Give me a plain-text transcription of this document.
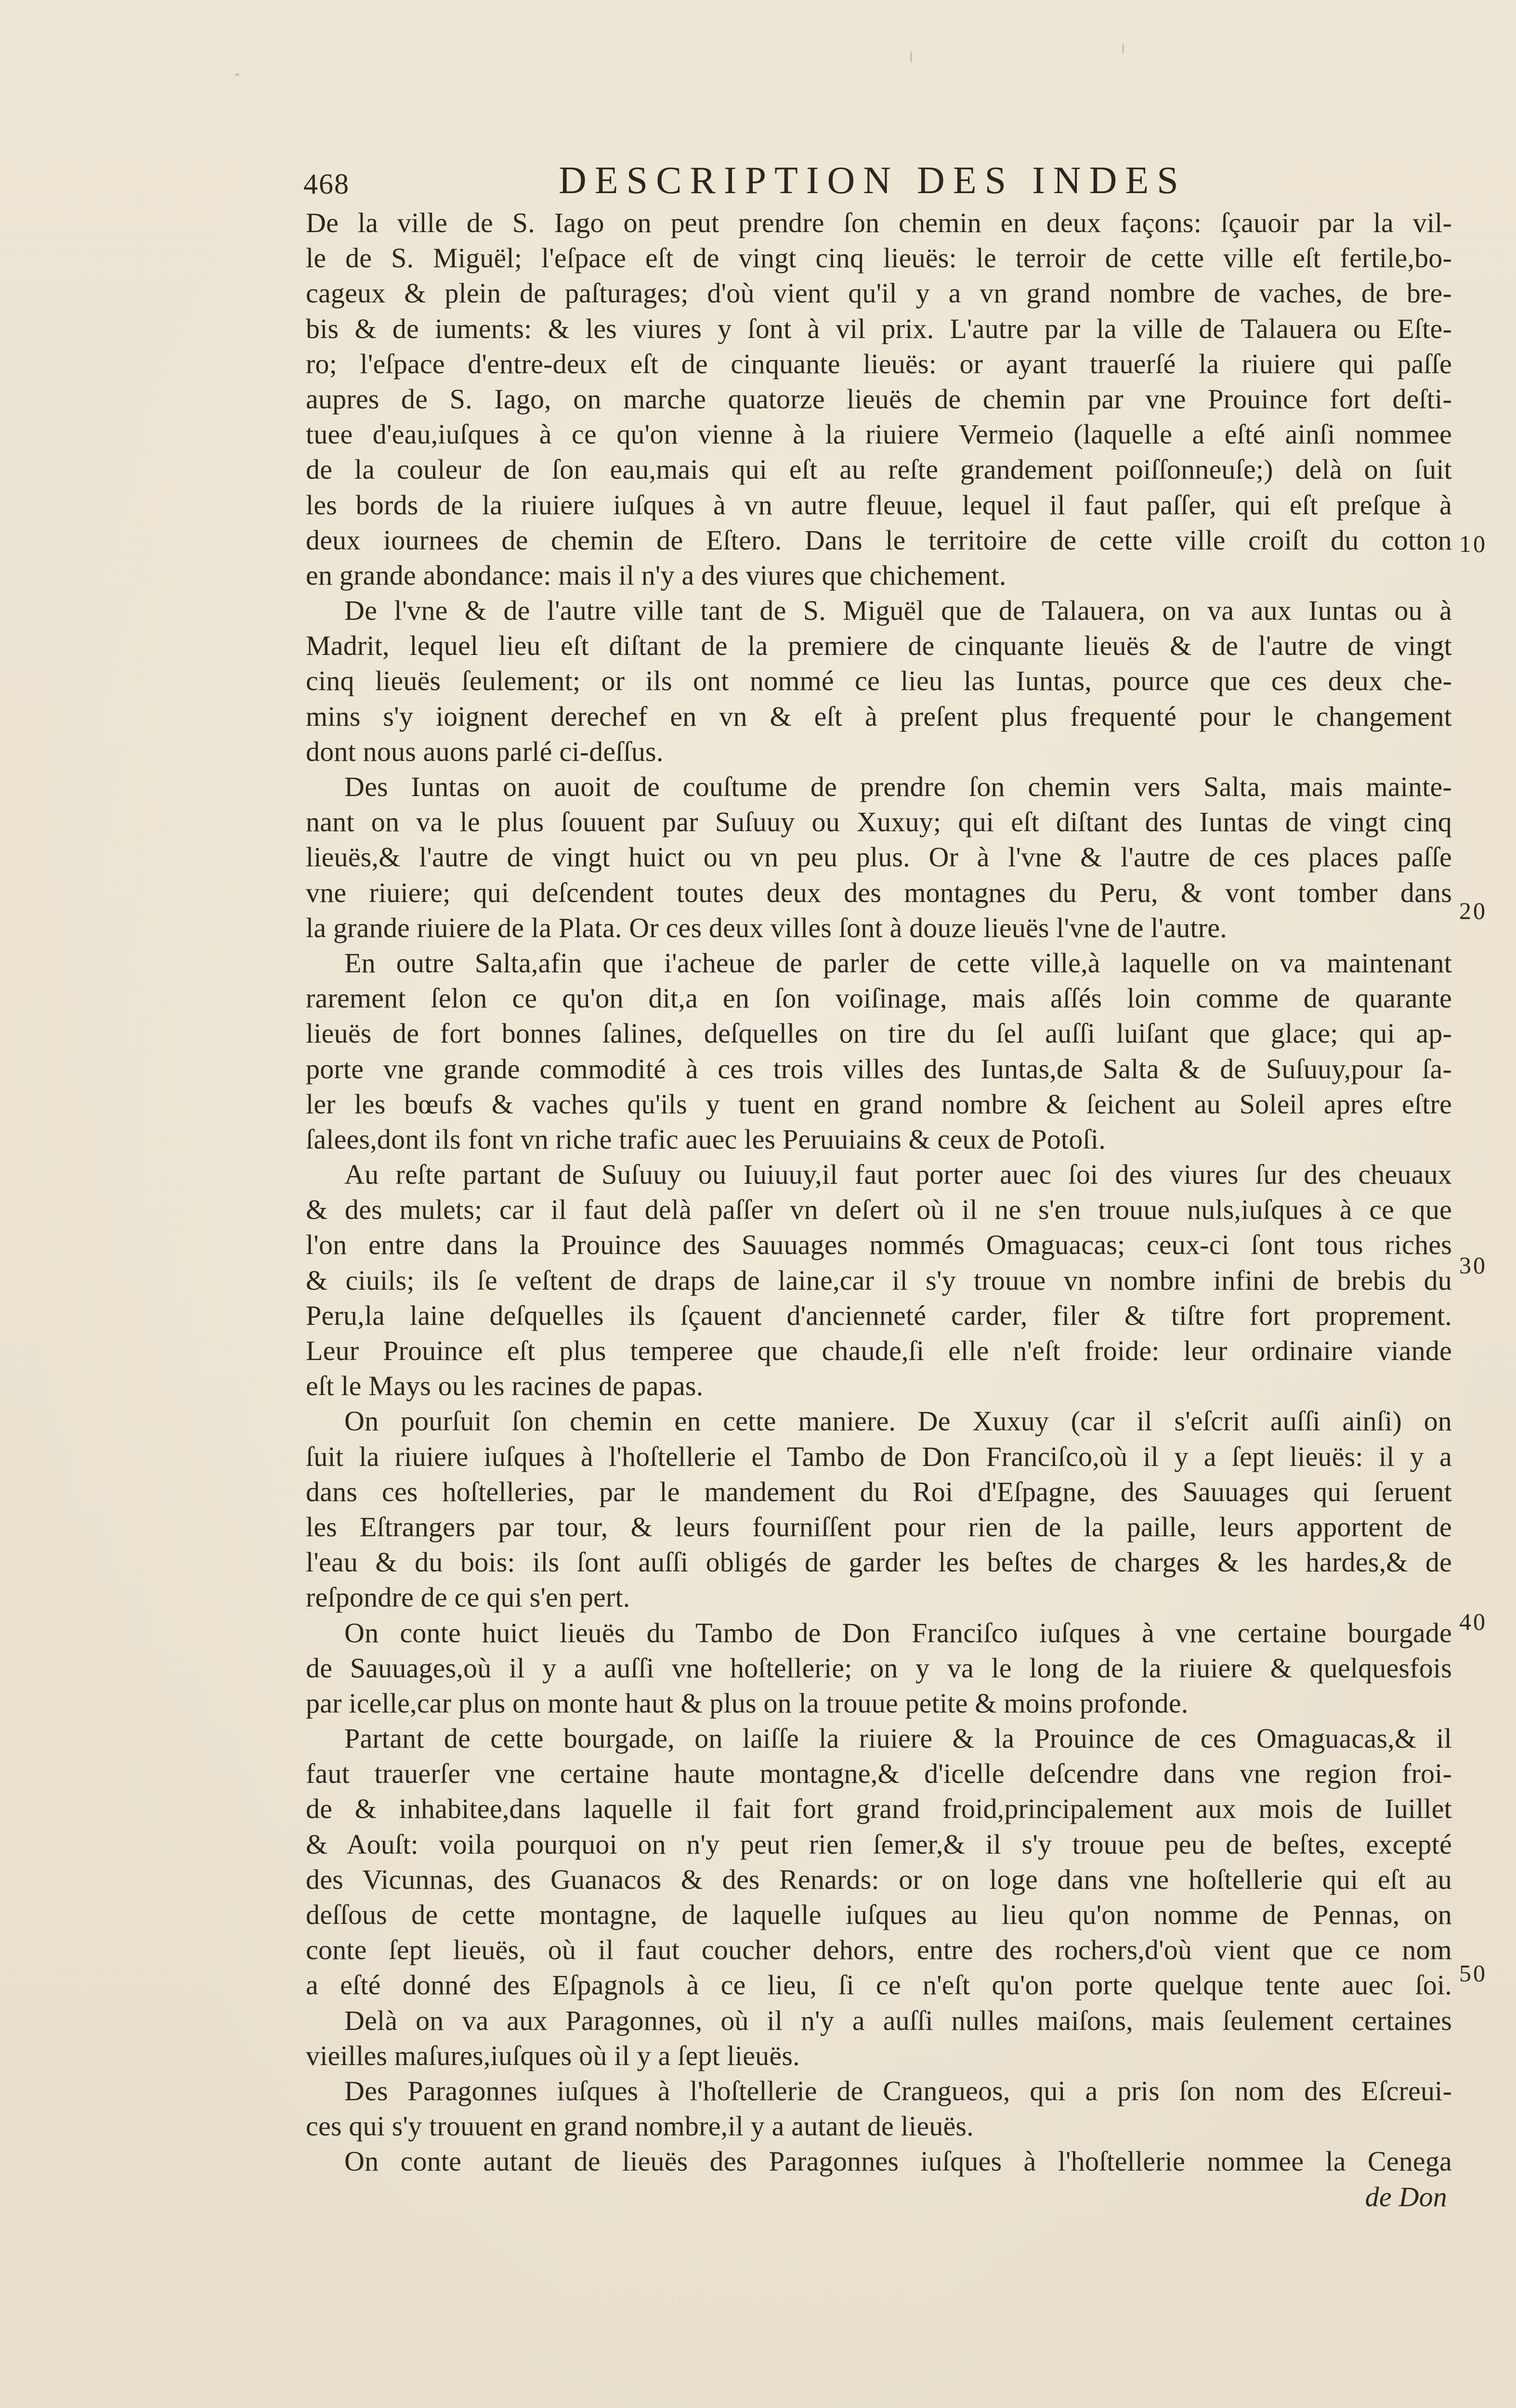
468	DESCRIPTION DES INDES
De la ville de S. Iago on peut prendre ſon chemin en deux façons: ſçauoir par la vil-
le de S. Miguël; l'eſpace eſt de vingt cinq lieuës: le terroir de cette ville eſt fertile,bo-
cageux & plein de paſturages; d'où vient qu'il y a vn grand nombre de vaches, de bre-
bis & de iuments: & les viures y ſont à vil prix. L'autre par la ville de Talauera ou Eſte-
ro; l'eſpace d'entre-deux eſt de cinquante lieuës: or ayant trauerſé la riuiere qui paſſe
aupres de S. Iago, on marche quatorze lieuës de chemin par vne Prouince fort deſti-
tuee d'eau,iuſques à ce qu'on vienne à la riuiere Vermeio (laquelle a eſté ainſi nommee
de la couleur de ſon eau,mais qui eſt au reſte grandement poiſſonneuſe;) delà on ſuit
les bords de la riuiere iuſques à vn autre fleuue, lequel il faut paſſer, qui eſt preſque à
deux iournees de chemin de Eſtero. Dans le territoire de cette ville croiſt du cotton
en grande abondance: mais il n'y a des viures que chichement.
De l'vne & de l'autre ville tant de S. Miguël que de Talauera, on va aux Iuntas ou à
Madrit, lequel lieu eſt diſtant de la premiere de cinquante lieuës & de l'autre de vingt
cinq lieuës ſeulement; or ils ont nommé ce lieu las Iuntas, pource que ces deux che-
mins s'y ioignent derechef en vn & eſt à preſent plus frequenté pour le changement
dont nous auons parlé ci-deſſus.
Des Iuntas on auoit de couſtume de prendre ſon chemin vers Salta, mais mainte-
nant on va le plus ſouuent par Suſuuy ou Xuxuy; qui eſt diſtant des Iuntas de vingt cinq
lieuës,& l'autre de vingt huict ou vn peu plus. Or à l'vne & l'autre de ces places paſſe
vne riuiere; qui deſcendent toutes deux des montagnes du Peru, & vont tomber dans
la grande riuiere de la Plata. Or ces deux villes ſont à douze lieuës l'vne de l'autre.
En outre Salta,afin que i'acheue de parler de cette ville,à laquelle on va maintenant
rarement ſelon ce qu'on dit,a en ſon voiſinage, mais aſſés loin comme de quarante
lieuës de fort bonnes ſalines, deſquelles on tire du ſel auſſi luiſant que glace; qui ap-
porte vne grande commodité à ces trois villes des Iuntas,de Salta & de Suſuuy,pour ſa-
ler les bœufs & vaches qu'ils y tuent en grand nombre & ſeichent au Soleil apres eſtre
ſalees,dont ils font vn riche trafic auec les Peruuiains & ceux de Potoſi.
Au reſte partant de Suſuuy ou Iuiuuy,il faut porter auec ſoi des viures ſur des cheuaux
& des mulets; car il faut delà paſſer vn deſert où il ne s'en trouue nuls,iuſques à ce que
l'on entre dans la Prouince des Sauuages nommés Omaguacas; ceux-ci ſont tous riches
& ciuils; ils ſe veſtent de draps de laine,car il s'y trouue vn nombre infini de brebis du
Peru,la laine deſquelles ils ſçauent d'ancienneté carder, filer & tiſtre fort proprement.
Leur Prouince eſt plus temperee que chaude,ſi elle n'eſt froide: leur ordinaire viande
eſt le Mays ou les racines de papas.
On pourſuit ſon chemin en cette maniere. De Xuxuy (car il s'eſcrit auſſi ainſi) on
ſuit la riuiere iuſques à l'hoſtellerie el Tambo de Don Franciſco,où il y a ſept lieuës: il y a
dans ces hoſtelleries, par le mandement du Roi d'Eſpagne, des Sauuages qui ſeruent
les Eſtrangers par tour, & leurs fourniſſent pour rien de la paille, leurs apportent de
l'eau & du bois: ils ſont auſſi obligés de garder les beſtes de charges & les hardes,& de
reſpondre de ce qui s'en pert.
On conte huict lieuës du Tambo de Don Franciſco iuſques à vne certaine bourgade
de Sauuages,où il y a auſſi vne hoſtellerie; on y va le long de la riuiere & quelquesfois
par icelle,car plus on monte haut & plus on la trouue petite & moins profonde.
Partant de cette bourgade, on laiſſe la riuiere & la Prouince de ces Omaguacas,& il
faut trauerſer vne certaine haute montagne,& d'icelle deſcendre dans vne region froi-
de & inhabitee,dans laquelle il fait fort grand froid,principalement aux mois de Iuillet
& Aouſt: voila pourquoi on n'y peut rien ſemer,& il s'y trouue peu de beſtes, excepté
des Vicunnas, des Guanacos & des Renards: or on loge dans vne hoſtellerie qui eſt au
deſſous de cette montagne, de laquelle iuſques au lieu qu'on nomme de Pennas, on
conte ſept lieuës, où il faut coucher dehors, entre des rochers,d'où vient que ce nom
a eſté donné des Eſpagnols à ce lieu, ſi ce n'eſt qu'on porte quelque tente auec ſoi.
Delà on va aux Paragonnes, où il n'y a auſſi nulles maiſons, mais ſeulement certaines
vieilles maſures,iuſques où il y a ſept lieuës.
Des Paragonnes iuſques à l'hoſtellerie de Crangueos, qui a pris ſon nom des Eſcreui-
ces qui s'y trouuent en grand nombre,il y a autant de lieuës.
On conte autant de lieuës des Paragonnes iuſques à l'hoſtellerie nommee la Cenega
de Don
10
20
30
40
50
